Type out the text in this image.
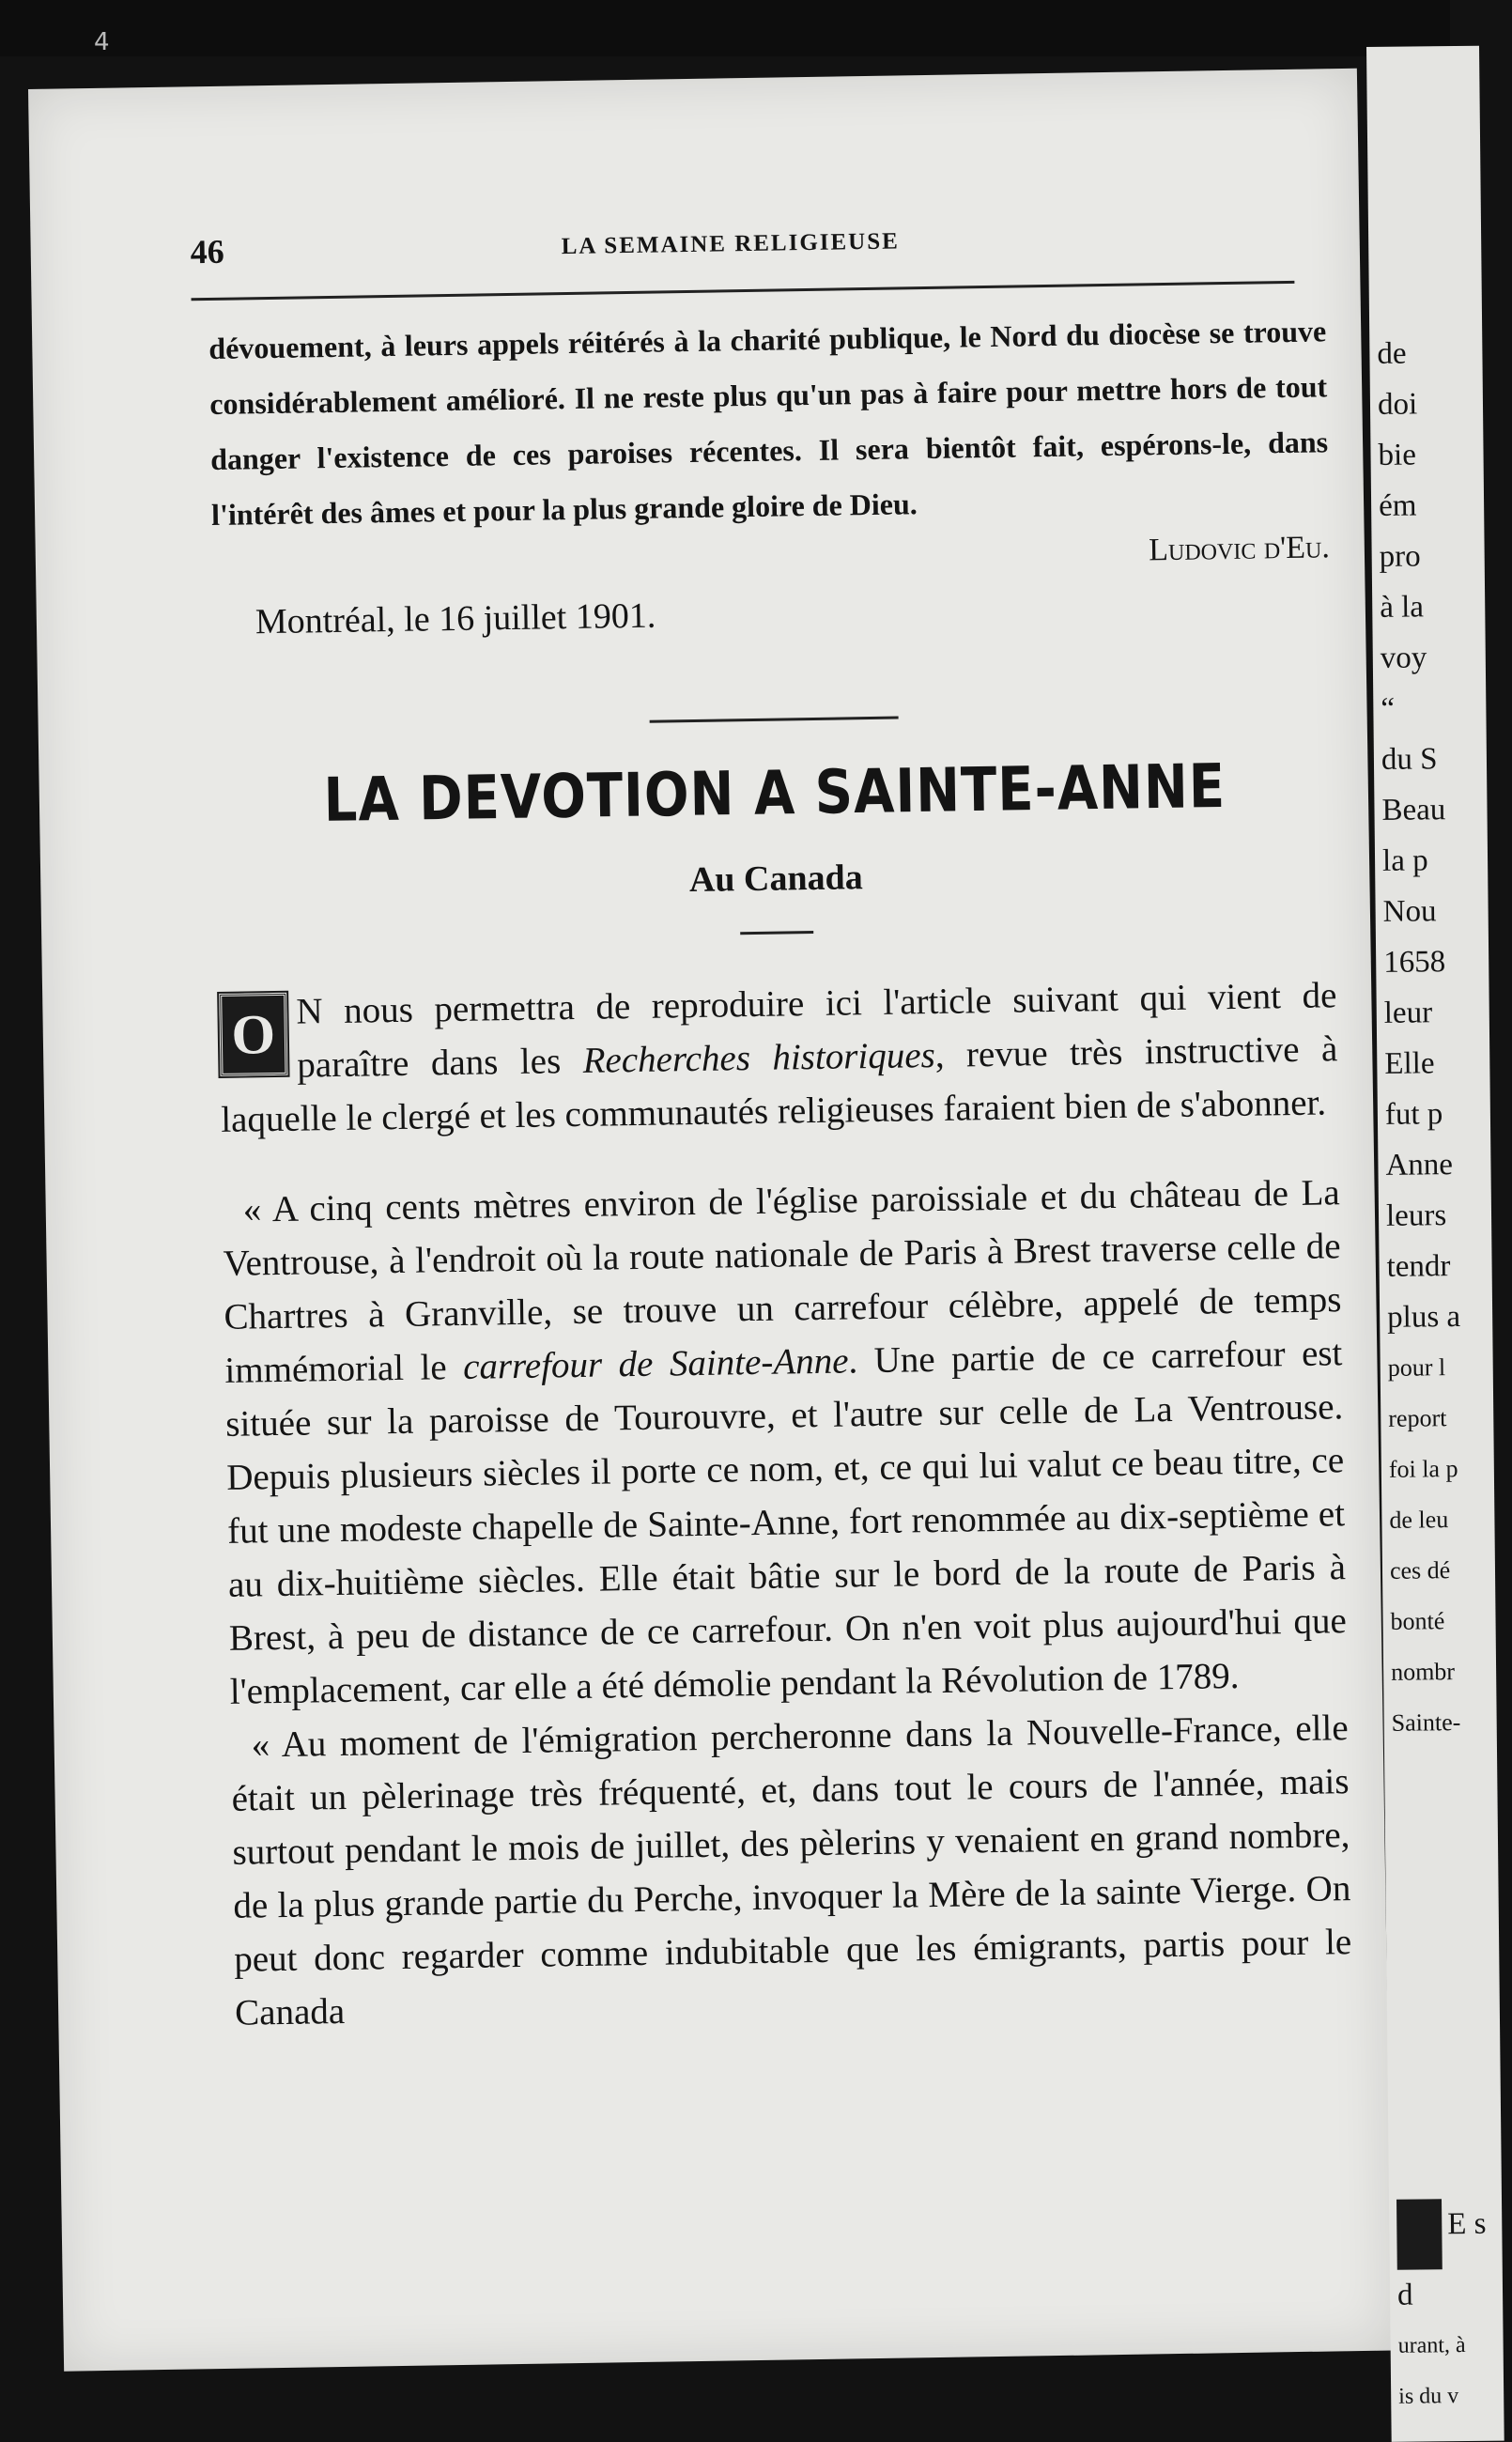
4
46	LA SEMAINE RELIGIEUSE

dévouement, à leurs appels réitérés à la charité publique, le Nord du diocèse se trouve considérablement amélioré. Il ne reste plus qu'un pas à faire pour mettre hors de tout danger l'existence de ces paroises récentes. Il sera bientôt fait, espérons-le, dans l'intérêt des âmes et pour la plus grande gloire de Dieu.

Ludovic d'Eu.
Montréal, le 16 juillet 1901.
LA DEVOTION A SAINTE-ANNE
Au Canada

O N nous permettra de reproduire ici l'article suivant qui vient de paraître dans les Recherches historiques, revue très instructive à laquelle le clergé et les communautés religieuses faraient bien de s'abonner.

« A cinq cents mètres environ de l'église paroissiale et du château de La Ventrouse, à l'endroit où la route nationale de Paris à Brest traverse celle de Chartres à Granville, se trouve un carrefour célèbre, appelé de temps immémorial le carrefour de Sainte-Anne. Une partie de ce carrefour est située sur la paroisse de Tourouvre, et l'autre sur celle de La Ventrouse. Depuis plusieurs siècles il porte ce nom, et, ce qui lui valut ce beau titre, ce fut une modeste chapelle de Sainte-Anne, fort renommée au dix-septième et au dix-huitième siècles. Elle était bâtie sur le bord de la route de Paris à Brest, à peu de distance de ce carrefour. On n'en voit plus aujourd'hui que l'emplacement, car elle a été démolie pendant la Révolution de 1789.

« Au moment de l'émigration percheronne dans la Nouvelle-France, elle était un pèlerinage très fréquenté, et, dans tout le cours de l'année, mais surtout pendant le mois de juillet, des pèlerins y venaient en grand nombre, de la plus grande partie du Perche, invoquer la Mère de la sainte Vierge. On peut donc regarder comme indubitable que les émigrants, partis pour le Canada

de
doi
bie
ém
pro
à la
voy
“
du S
Beau
la p
Nou
1658
leur
Elle
fut p
Anne
leurs
tendr
plus a
pour l
report
foi la p
de leu
ces dé
bonté
nombr
Sainte-
E s
d
urant, à
is du v
